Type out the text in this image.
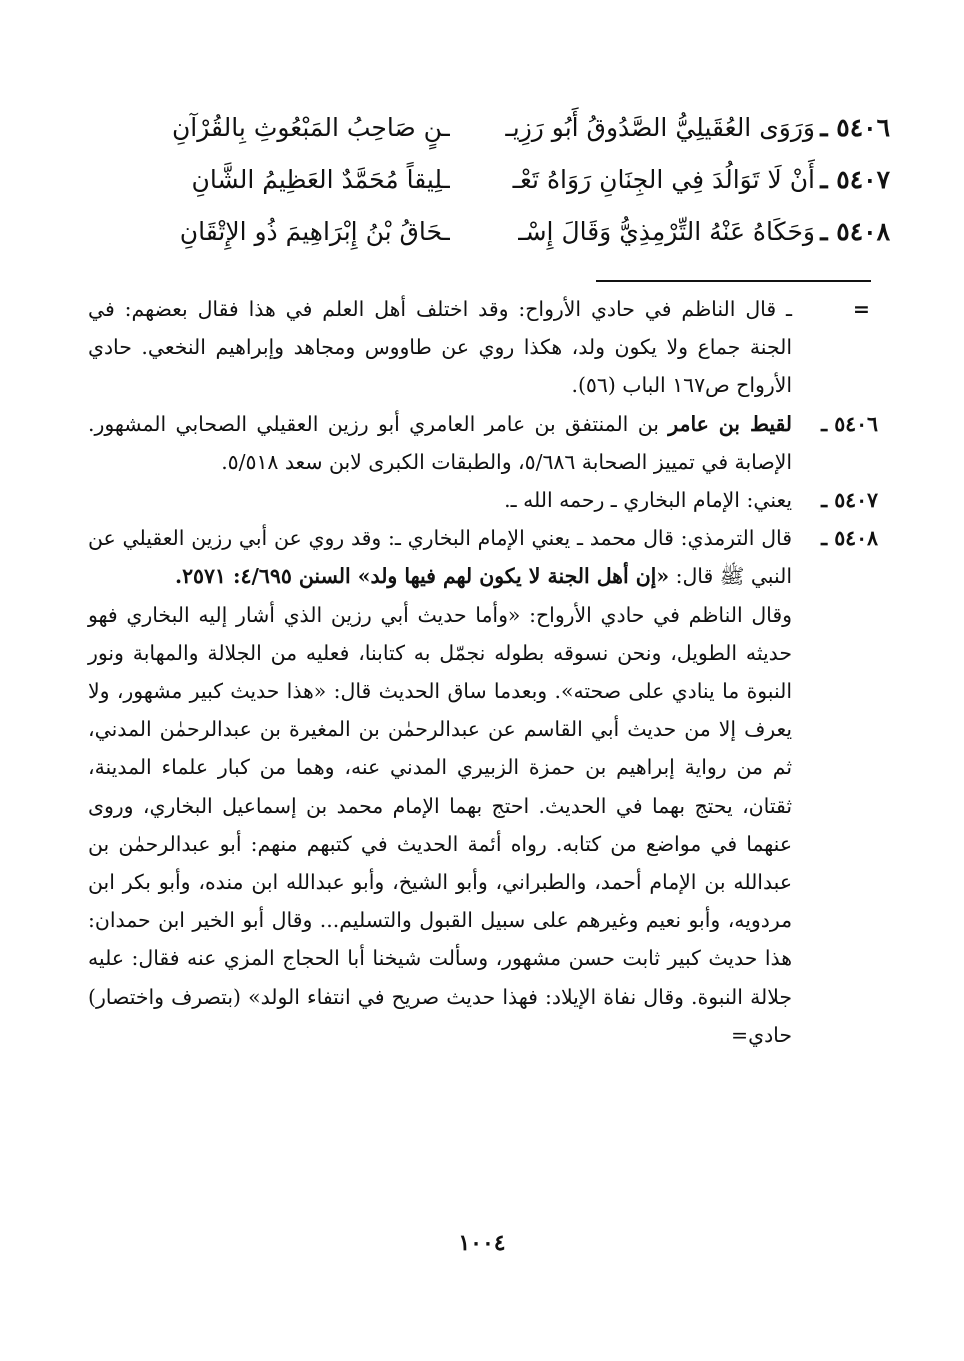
٥٤٠٦ ـ
وَرَوَى العُقَيلِيُّ الصَّدُوقُ أَبُو رَزِيـ
ـنٍ صَاحِبُ المَبْعُوثِ بِالقُرْآنِ
٥٤٠٧ ـ
أَنْ لَا تَوَالُدَ فِي الجِنَانِ رَوَاهُ تَعْـ
ـلِيقاً مُحَمَّدٌ العَظِيمُ الشَّانِ
٥٤٠٨ ـ
وَحَكَاهُ عَنْهُ التِّرْمِذِيُّ وَقَالَ إِسْـ
ـحَاقُ بْنُ إِبْرَاهِيمَ ذُو الإِتْقَانِ

=
ـ قال الناظم في حادي الأرواح: وقد اختلف أهل العلم في هذا فقال بعضهم: في الجنة جماع ولا يكون ولد، هكذا روي عن طاووس ومجاهد وإبراهيم النخعي. حادي الأرواح ص١٦٧ الباب (٥٦).

٥٤٠٦ ـ
لقيط بن عامر بن المنتفق بن عامر العامري أبو رزين العقيلي الصحابي المشهور. الإصابة في تمييز الصحابة ٥/٦٨٦، والطبقات الكبرى لابن سعد ٥/٥١٨.

٥٤٠٧ ـ
يعني: الإمام البخاري ـ رحمه الله ـ.

٥٤٠٨ ـ
قال الترمذي: قال محمد ـ يعني الإمام البخاري ـ: وقد روي عن أبي رزين العقيلي عن النبي ﷺ قال: «إن أهل الجنة لا يكون لهم فيها ولد» السنن ٤/٦٩٥: ٢٥٧١.

وقال الناظم في حادي الأرواح: «وأما حديث أبي رزين الذي أشار إليه البخاري فهو حديثه الطويل، ونحن نسوقه بطوله نجمّل به كتابنا، فعليه من الجلالة والمهابة ونور النبوة ما ينادي على صحته». وبعدما ساق الحديث قال: «هذا حديث كبير مشهور، ولا يعرف إلا من حديث أبي القاسم عن عبدالرحمٰن بن المغيرة بن عبدالرحمٰن المدني، ثم من رواية إبراهيم بن حمزة الزبيري المدني عنه، وهما من كبار علماء المدينة، ثقتان، يحتج بهما في الحديث. احتج بهما الإمام محمد بن إسماعيل البخاري، وروى عنهما في مواضع من كتابه. رواه أئمة الحديث في كتبهم منهم: أبو عبدالرحمٰن بن عبدالله بن الإمام أحمد، والطبراني، وأبو الشيخ، وأبو عبدالله ابن منده، وأبو بكر ابن مردويه، وأبو نعيم وغيرهم على سبيل القبول والتسليم... وقال أبو الخير ابن حمدان: هذا حديث كبير ثابت حسن مشهور، وسألت شيخنا أبا الحجاج المزي عنه فقال: عليه جلالة النبوة. وقال نفاة الإيلاد: فهذا حديث صريح في انتفاء الولد» (بتصرف واختصار) حادي=

١٠٠٤
